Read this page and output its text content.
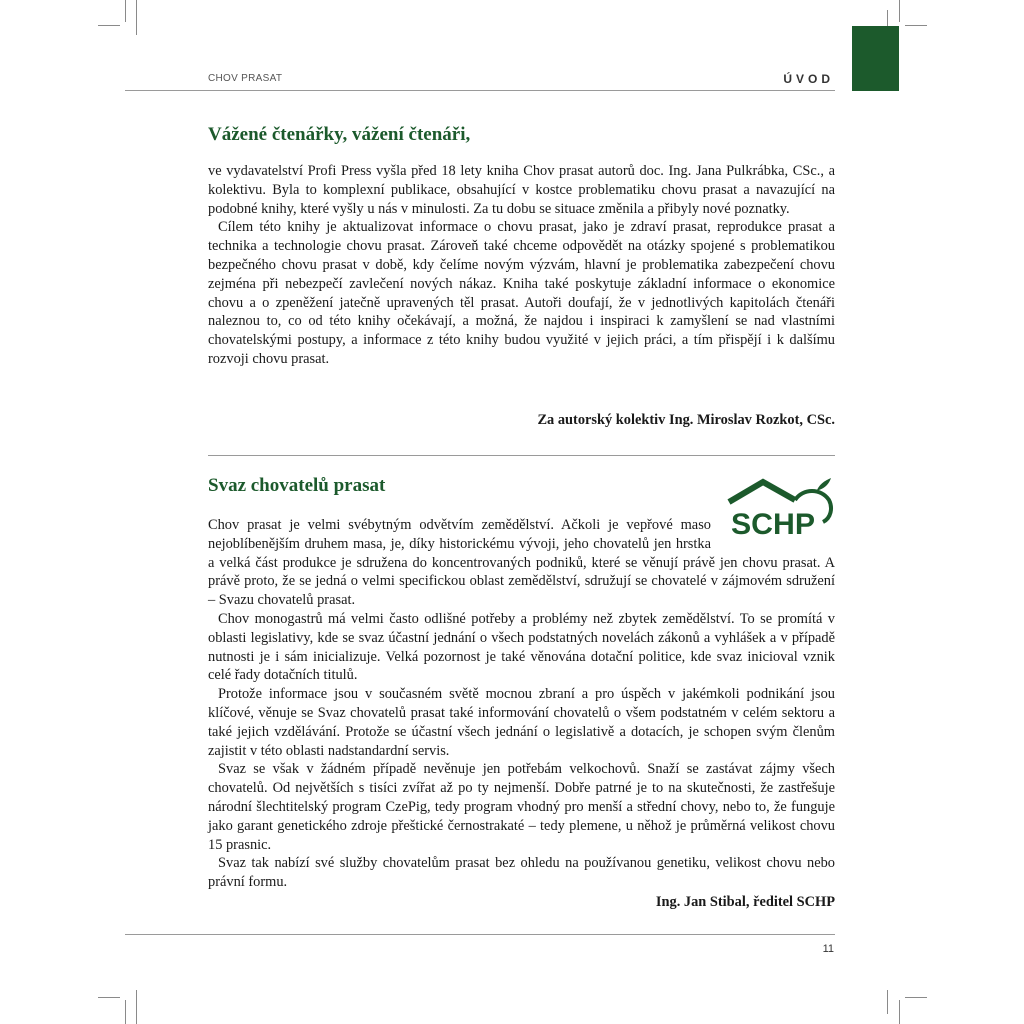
CHOV PRASAT	ÚVOD
Vážené čtenářky, vážení čtenáři,

ve vydavatelství Profi Press vyšla před 18 lety kniha Chov prasat autorů doc. Ing. Jana Pulkrábka, CSc., a kolektivu. Byla to komplexní publikace, obsahující v kostce problematiku chovu prasat a navazující na podobné knihy, které vyšly u nás v minulosti. Za tu dobu se situace změnila a přibyly nové poznatky.

Cílem této knihy je aktualizovat informace o chovu prasat, jako je zdraví prasat, reprodukce prasat a technika a technologie chovu prasat. Zároveň také chceme odpovědět na otázky spojené s problematikou bezpečného chovu prasat v době, kdy čelíme novým výzvám, hlavní je problematika zabezpečení chovu zejména při nebezpečí zavlečení nových nákaz. Kniha také poskytuje základní informace o ekonomice chovu a o zpeněžení jatečně upravených těl prasat. Autoři doufají, že v jednotlivých kapitolách čtenáři naleznou to, co od této knihy očekávají, a možná, že najdou i inspiraci k zamyšlení se nad vlastními chovatelskými postupy, a informace z této knihy budou využité v jejich práci, a tím přispějí i k dalšímu rozvoji chovu prasat.

Za autorský kolektiv Ing. Miroslav Rozkot, CSc.
Svaz chovatelů prasat
SCHP

Chov prasat je velmi svébytným odvětvím zemědělství. Ačkoli je vepřové maso nejoblíbenějším druhem masa, je, díky historickému vývoji, jeho chovatelů jen hrstka a velká část produkce je sdružena do koncentrovaných podniků, které se věnují právě jen chovu prasat. A právě proto, že se jedná o velmi specifickou oblast zemědělství, sdružují se chovatelé v zájmovém sdružení – Svazu chovatelů prasat.

Chov monogastrů má velmi často odlišné potřeby a problémy než zbytek zemědělství. To se promítá v oblasti legislativy, kde se svaz účastní jednání o všech podstatných novelách zákonů a vyhlášek a v případě nutnosti je i sám inicializuje. Velká pozornost je také věnována dotační politice, kde svaz inicioval vznik celé řady dotačních titulů.

Protože informace jsou v současném světě mocnou zbraní a pro úspěch v jakémkoli podnikání jsou klíčové, věnuje se Svaz chovatelů prasat také informování chovatelů o všem podstatném v celém sektoru a také jejich vzdělávání. Protože se účastní všech jednání o legislativě a dotacích, je schopen svým členům zajistit v této oblasti nadstandardní servis.

Svaz se však v žádném případě nevěnuje jen potřebám velkochovů. Snaží se zastávat zájmy všech chovatelů. Od největších s tisíci zvířat až po ty nejmenší. Dobře patrné je to na skutečnosti, že zastřešuje národní šlechtitelský program CzePig, tedy program vhodný pro menší a střední chovy, nebo to, že funguje jako garant genetického zdroje přeštické černostrakaté – tedy plemene, u něhož je průměrná velikost chovu 15 prasnic.

Svaz tak nabízí své služby chovatelům prasat bez ohledu na používanou genetiku, velikost chovu nebo právní formu.

Ing. Jan Stibal, ředitel SCHP
11
